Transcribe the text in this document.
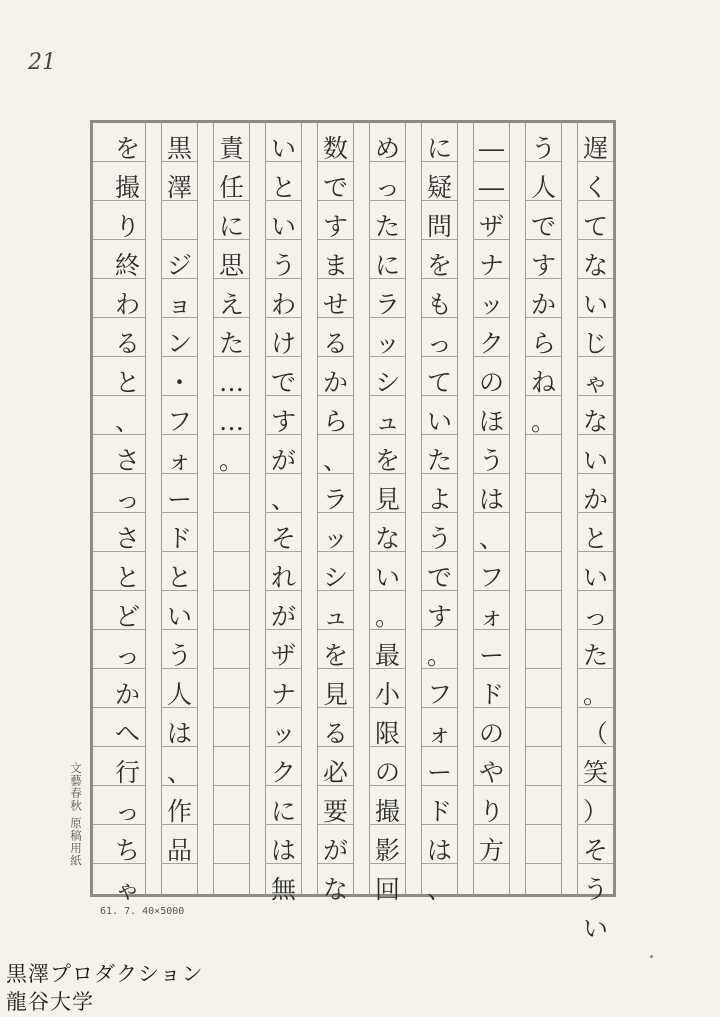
21
遅
く
て
な
い
じ
ゃ
な
い
か
と
い
っ
た
。
（
笑
）
そ
う
い
う
人
で
す
か
ら
ね
。
―
―
ザ
ナ
ッ
ク
の
ほ
う
は
、
フ
ォ
ー
ド
の
や
り
方
に
疑
問
を
も
っ
て
い
た
よ
う
で
す
。
フ
ォ
ー
ド
は
、
め
っ
た
に
ラ
ッ
シ
ュ
を
見
な
い
。
最
小
限
の
撮
影
回
数
で
す
ま
せ
る
か
ら
、
ラ
ッ
シ
ュ
を
見
る
必
要
が
な
い
と
い
う
わ
け
で
す
が
、
そ
れ
が
ザ
ナ
ッ
ク
に
は
無
責
任
に
思
え
た
…
…
。
黒
澤

ジ
ョ
ン
・
フ
ォ
ー
ド
と
い
う
人
は
、
作
品
を
撮
り
終
わ
る
と
、
さ
っ
さ
と
ど
っ
か
へ
行
っ
ち
ゃ
文藝春秋 原稿用紙
61. 7. 40×5000
黒澤プロダクション
龍谷大学
